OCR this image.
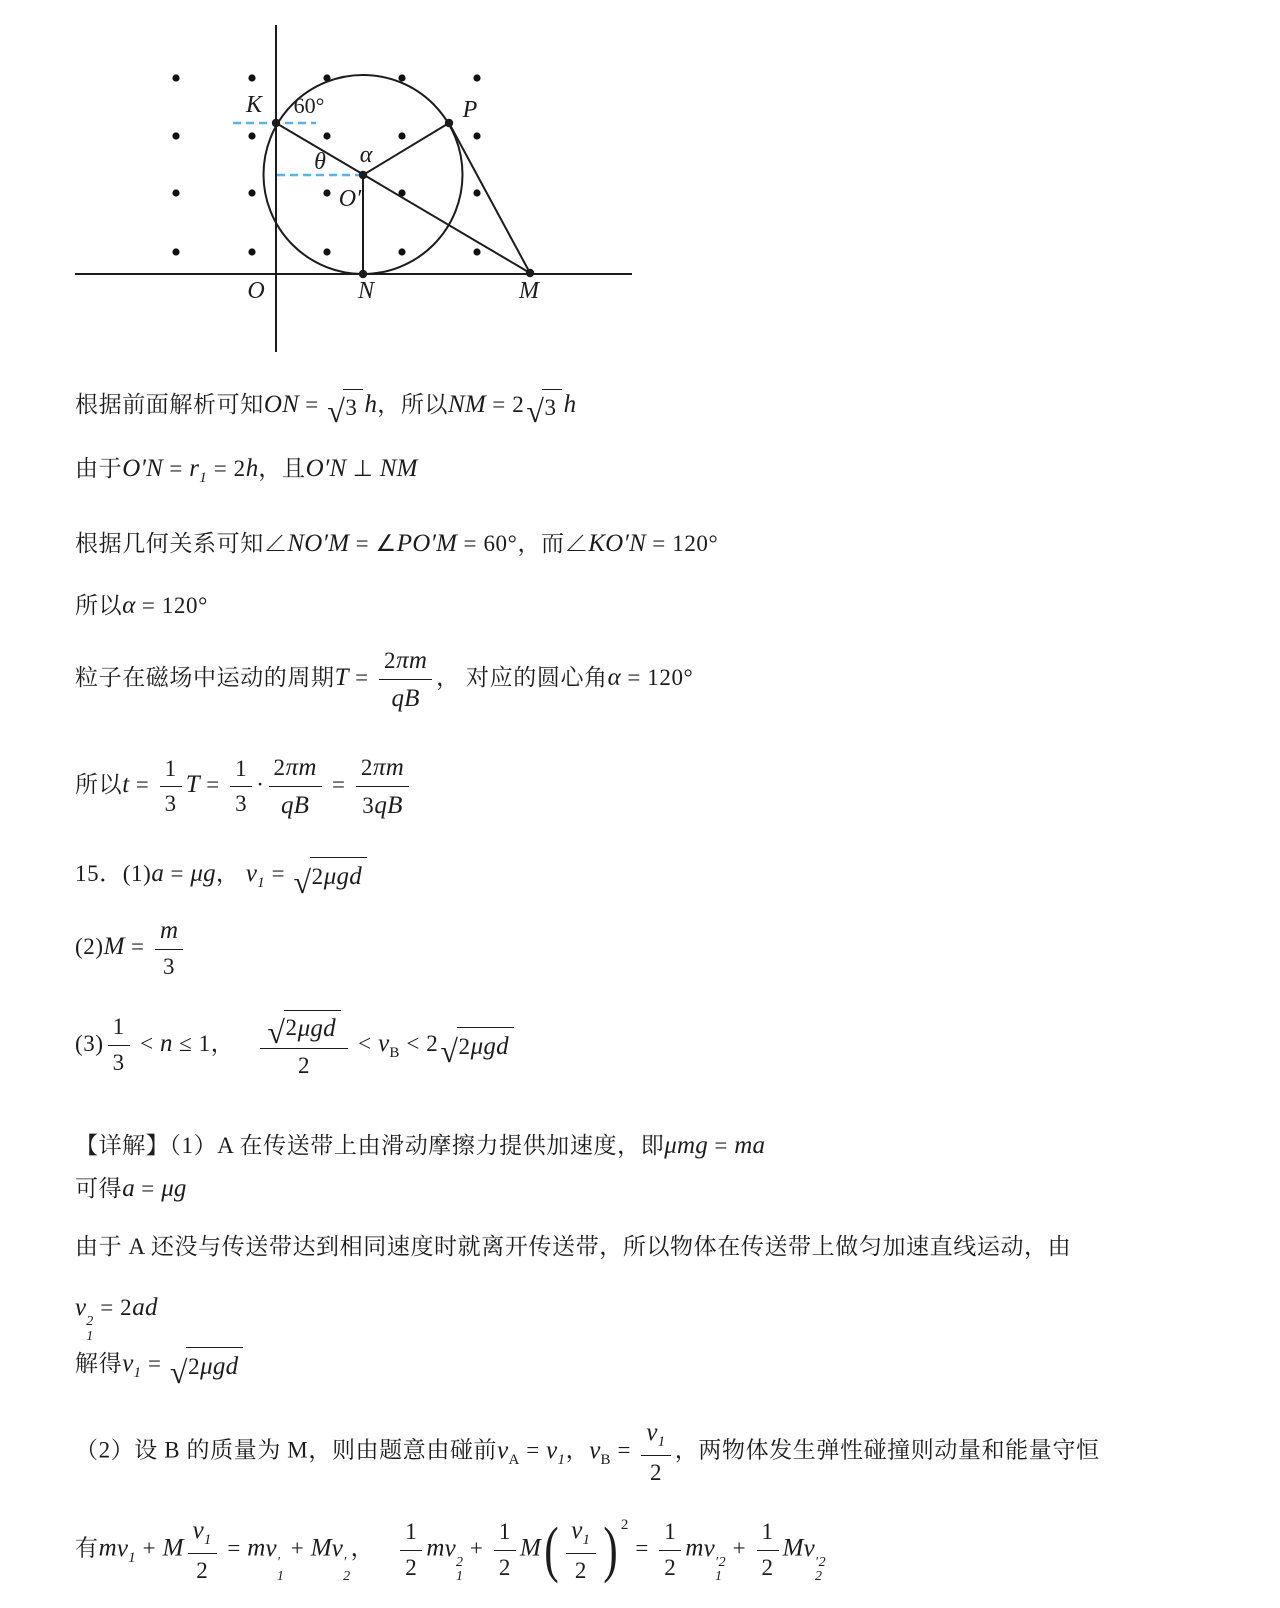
K 60°	P
θ α
O′
O	N	M
根据前面解析可知ON = √ 3 h，所以NM = 2 √ 3 h
由于$O'N = r_1 = 2h$，且O′N ⊥ NM
根据几何关系可知∠NO′M = ∠PO′M = 60°，而∠KO′N = 120°
所以α = 120°
粒子在磁场中运动的周期$T = \frac{2\pi m}{qB}$ ， 对应的圆心角α = 120°
所以$t = \frac{1}{3}$ $T = \frac{1}{3} \cdot \frac{2\pi m}{qB} = \frac{2\pi m}{3qB}$
15．(1)a = μg， $v_1$ = √ 2 μgd
$(2)M = \frac{m}{3}$
$(3) \frac{1}{3} < n \le 1$， √ 2 μgd
2
< $v_B < 2$ √ 2 μgd
【详解】（1）A 在传送带上由滑动摩擦力提供加速度，即μmg = ma
可得a = μg
由于 A 还没与传送带达到相同速度时就离开传送带，所以物体在传送带上做匀加速直线运动，由
v
2
1
= 2ad
解得$v_1$ = √ 2 μgd
（2）设 B 的质量为 M，则由题意由碰前$v_A = v_1$，$v_B = \frac{v_1}{2}$ ，两物体发生弹性碰撞则动量和能量守恒
有$mv_1 + M \frac{v_1}{2}$ = mv
′
1
+ Mv
′
2
， $\frac{1}{2}$ mv
2
1
+ $\frac{1}{2}$ M ( $\frac{v_1}{2}$ ) 2
= $\frac{1}{2}$ mv
′2
1
+ $\frac{1}{2}$ Mv
′2
2
